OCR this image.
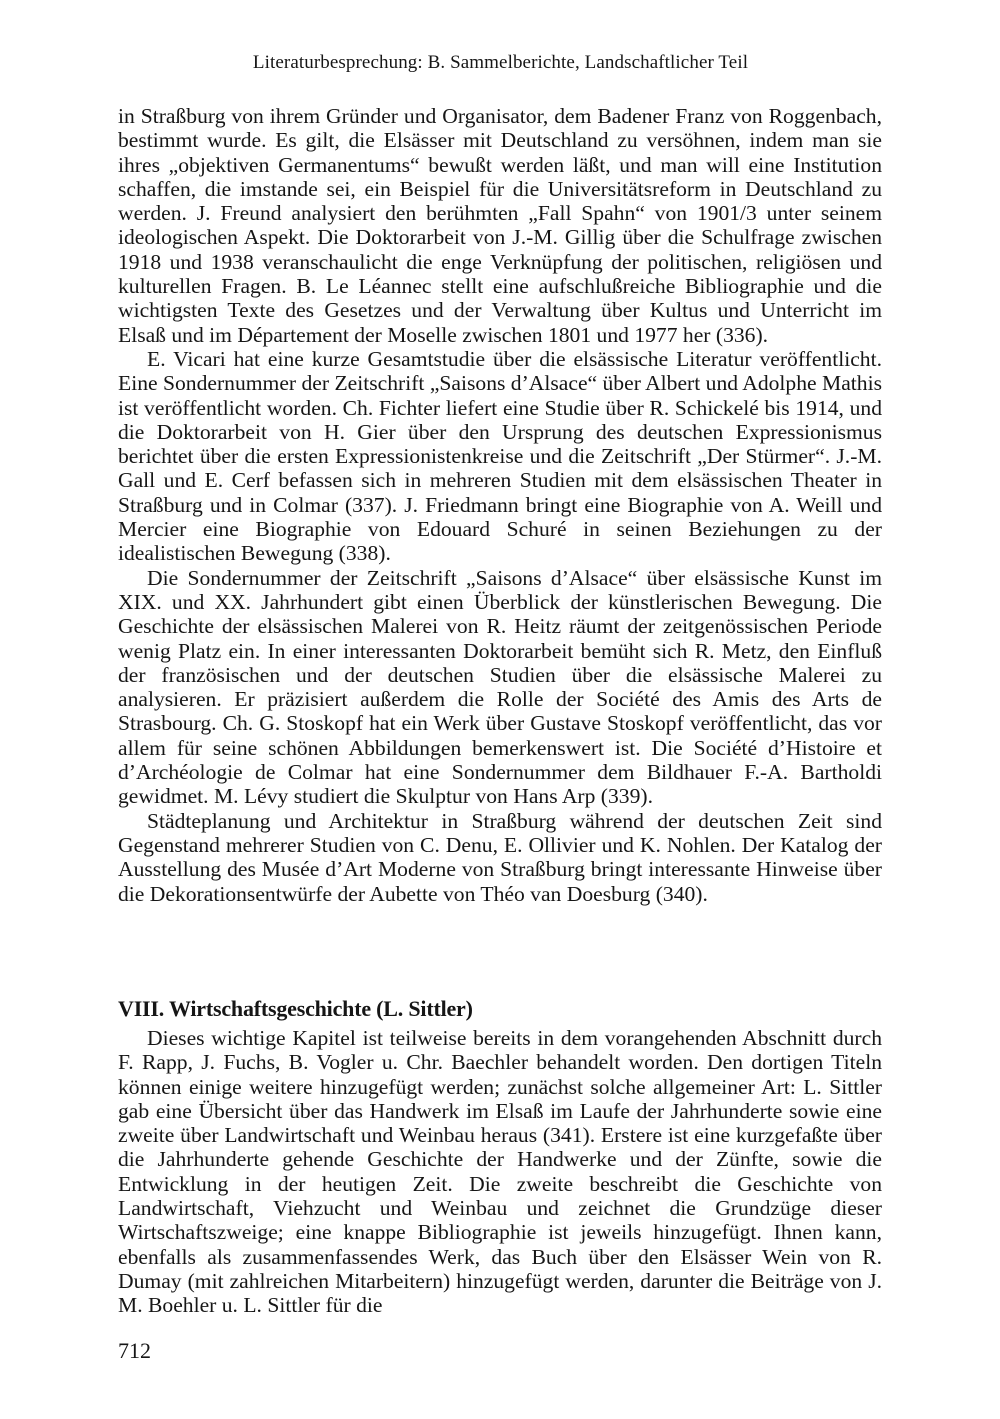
Literaturbesprechung: B. Sammelberichte, Landschaftlicher Teil

in Straßburg von ihrem Gründer und Organisator, dem Badener Franz von Roggenbach, bestimmt wurde. Es gilt, die Elsässer mit Deutschland zu versöhnen, indem man sie ihres „objektiven Germanentums“ bewußt werden läßt, und man will eine Institution schaffen, die imstande sei, ein Beispiel für die Universitätsreform in Deutschland zu werden. J. Freund analysiert den berühmten „Fall Spahn“ von 1901/3 unter seinem ideologischen Aspekt. Die Doktorarbeit von J.-M. Gillig über die Schulfrage zwischen 1918 und 1938 veranschaulicht die enge Verknüpfung der politischen, religiösen und kulturellen Fragen. B. Le Léannec stellt eine aufschlußreiche Bibliographie und die wichtigsten Texte des Gesetzes und der Verwaltung über Kultus und Unterricht im Elsaß und im Département der Moselle zwischen 1801 und 1977 her (336).

E. Vicari hat eine kurze Gesamtstudie über die elsässische Literatur veröffentlicht. Eine Sondernummer der Zeitschrift „Saisons d’Alsace“ über Albert und Adolphe Mathis ist veröffentlicht worden. Ch. Fichter liefert eine Studie über R. Schickelé bis 1914, und die Doktorarbeit von H. Gier über den Ursprung des deutschen Expressionismus berichtet über die ersten Expressionistenkreise und die Zeitschrift „Der Stürmer“. J.-M. Gall und E. Cerf befassen sich in mehreren Studien mit dem elsässischen Theater in Straßburg und in Colmar (337). J. Friedmann bringt eine Biographie von A. Weill und Mercier eine Biographie von Edouard Schuré in seinen Beziehungen zu der idealistischen Bewegung (338).

Die Sondernummer der Zeitschrift „Saisons d’Alsace“ über elsässische Kunst im XIX. und XX. Jahrhundert gibt einen Überblick der künstlerischen Bewegung. Die Geschichte der elsässischen Malerei von R. Heitz räumt der zeitgenössischen Periode wenig Platz ein. In einer interessanten Doktorarbeit bemüht sich R. Metz, den Einfluß der französischen und der deutschen Studien über die elsässische Malerei zu analysieren. Er präzisiert außerdem die Rolle der Société des Amis des Arts de Strasbourg. Ch. G. Stoskopf hat ein Werk über Gustave Stoskopf veröffentlicht, das vor allem für seine schönen Abbildungen bemerkenswert ist. Die Société d’Histoire et d’Archéologie de Colmar hat eine Sondernummer dem Bildhauer F.-A. Bartholdi gewidmet. M. Lévy studiert die Skulptur von Hans Arp (339).

Städteplanung und Architektur in Straßburg während der deutschen Zeit sind Gegenstand mehrerer Studien von C. Denu, E. Ollivier und K. Nohlen. Der Katalog der Ausstellung des Musée d’Art Moderne von Straßburg bringt interessante Hinweise über die Dekorationsentwürfe der Aubette von Théo van Doesburg (340).

VIII. Wirtschaftsgeschichte (L. Sittler)

Dieses wichtige Kapitel ist teilweise bereits in dem vorangehenden Abschnitt durch F. Rapp, J. Fuchs, B. Vogler u. Chr. Baechler behandelt worden. Den dortigen Titeln können einige weitere hinzugefügt werden; zunächst solche allgemeiner Art: L. Sittler gab eine Übersicht über das Handwerk im Elsaß im Laufe der Jahrhunderte sowie eine zweite über Landwirtschaft und Weinbau heraus (341). Erstere ist eine kurzgefaßte über die Jahrhunderte gehende Geschichte der Handwerke und der Zünfte, sowie die Entwicklung in der heutigen Zeit. Die zweite beschreibt die Geschichte von Landwirtschaft, Viehzucht und Weinbau und zeichnet die Grundzüge dieser Wirtschaftszweige; eine knappe Bibliographie ist jeweils hinzugefügt. Ihnen kann, ebenfalls als zusammenfassendes Werk, das Buch über den Elsässer Wein von R. Dumay (mit zahlreichen Mitarbeitern) hinzugefügt werden, darunter die Beiträge von J. M. Boehler u. L. Sittler für die

712
